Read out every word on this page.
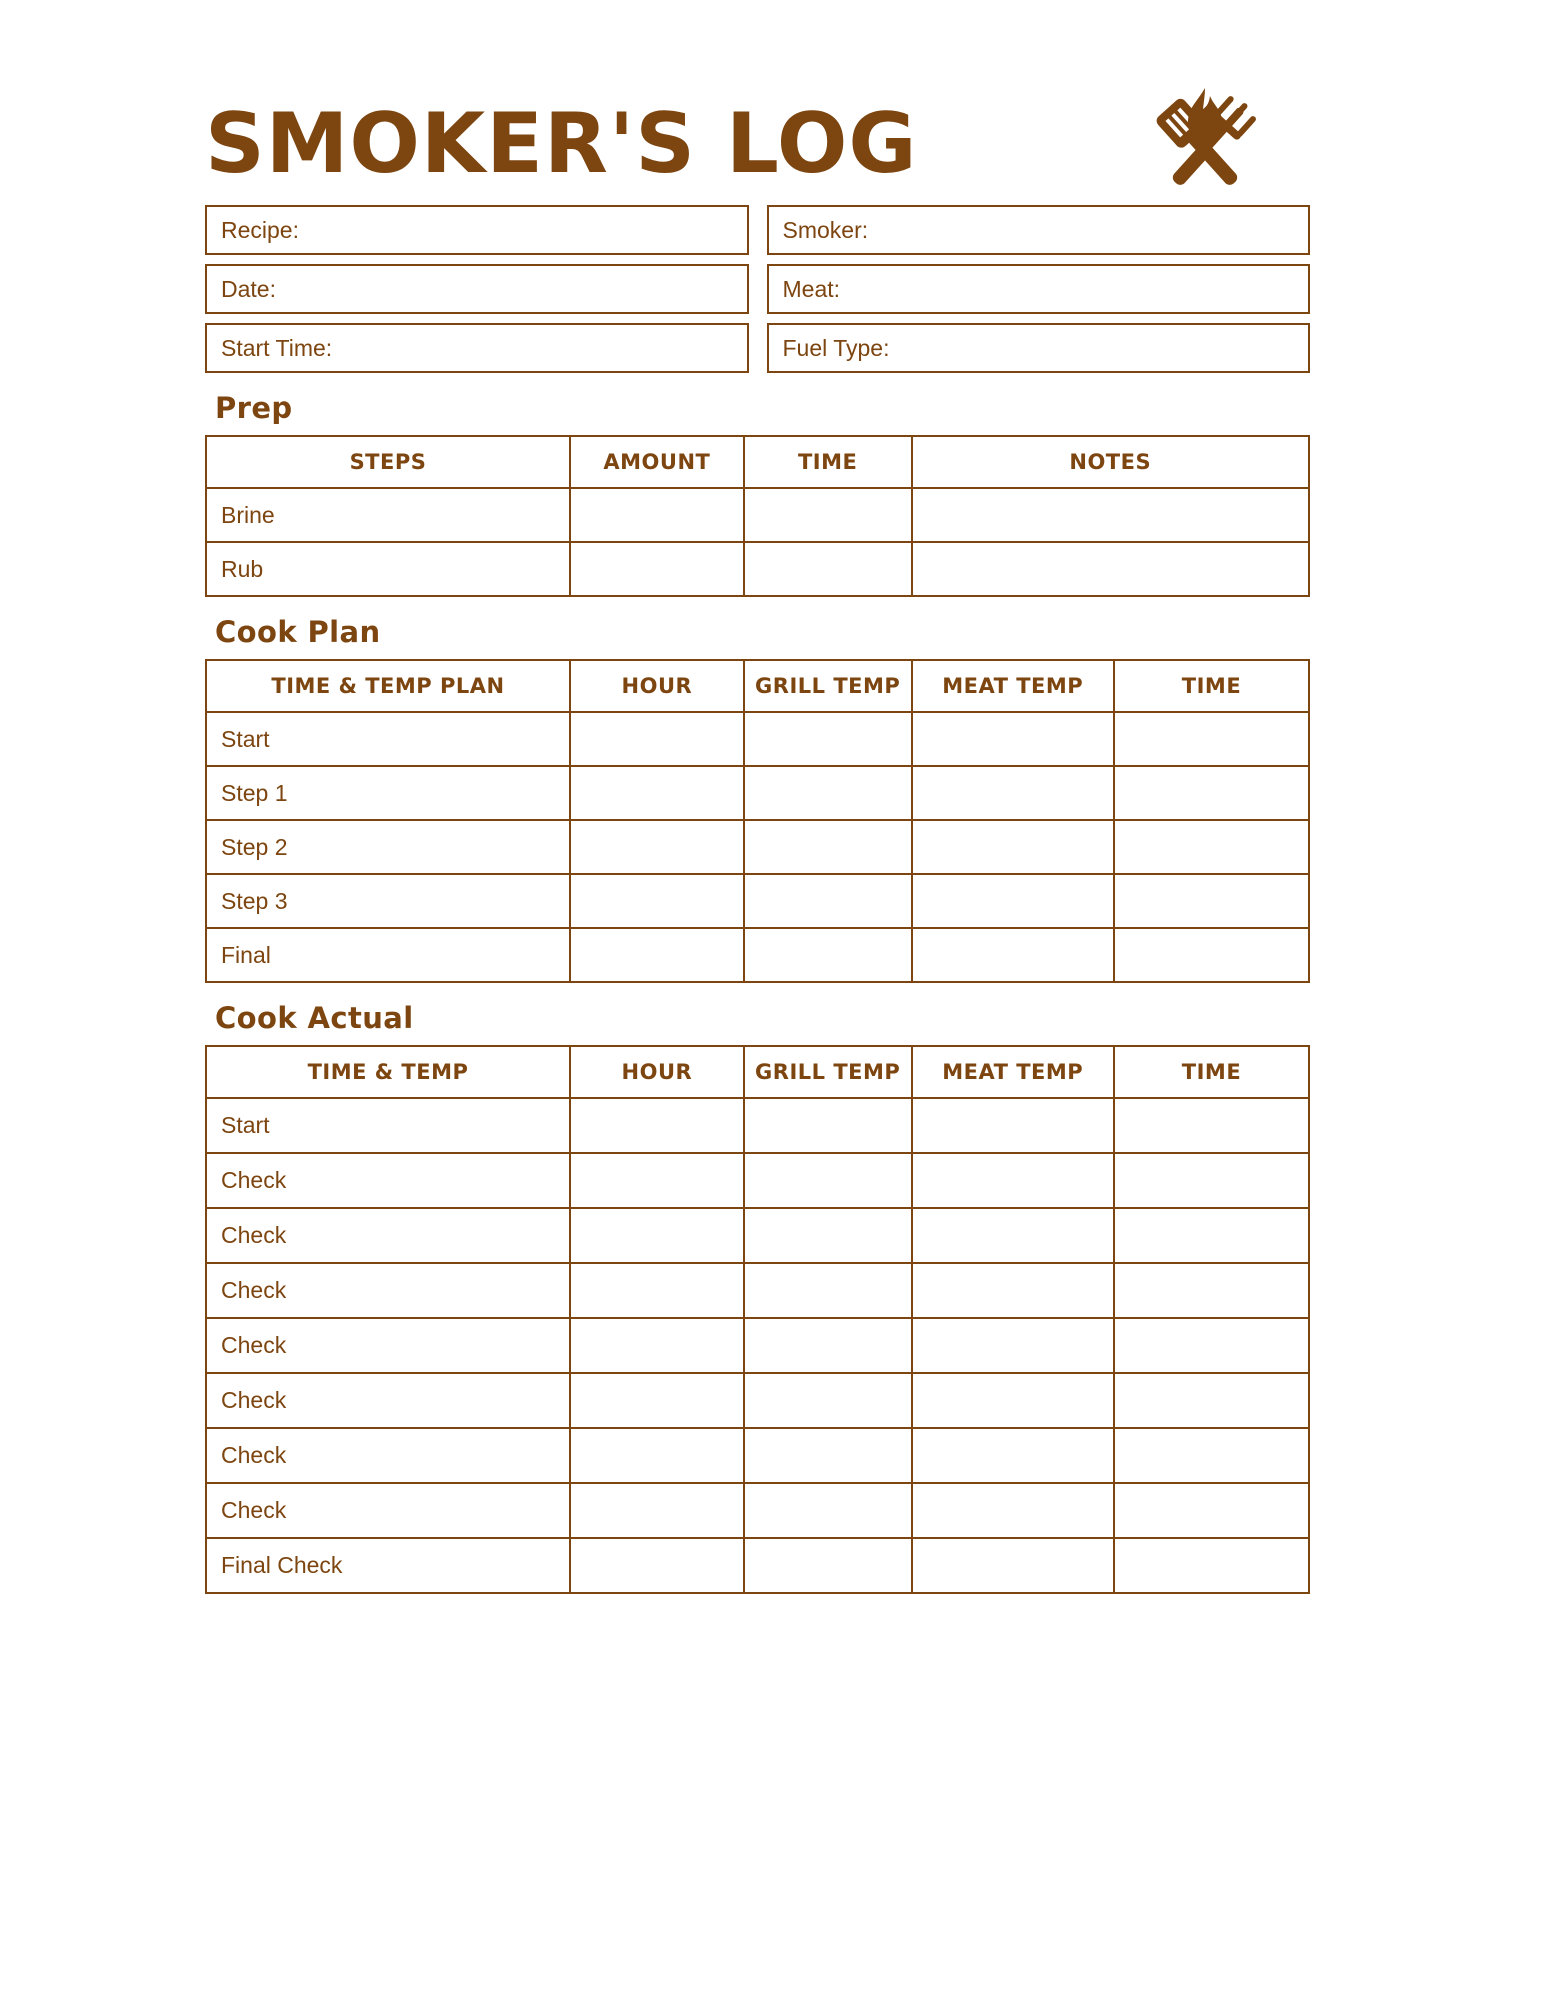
SMOKER'S LOG
Recipe:
Date:
Start Time:
Smoker:
Meat:
Fuel Type:
Prep
STEPS	AMOUNT	TIME	NOTES
Brine			
Rub			
Cook Plan
TIME & TEMP PLAN	HOUR	GRILL TEMP	MEAT TEMP	TIME
Start				
Step 1				
Step 2				
Step 3				
Final				
Cook Actual
TIME & TEMP	HOUR	GRILL TEMP	MEAT TEMP	TIME
Start				
Check				
Check				
Check				
Check				
Check				
Check				
Check				
Final Check				
